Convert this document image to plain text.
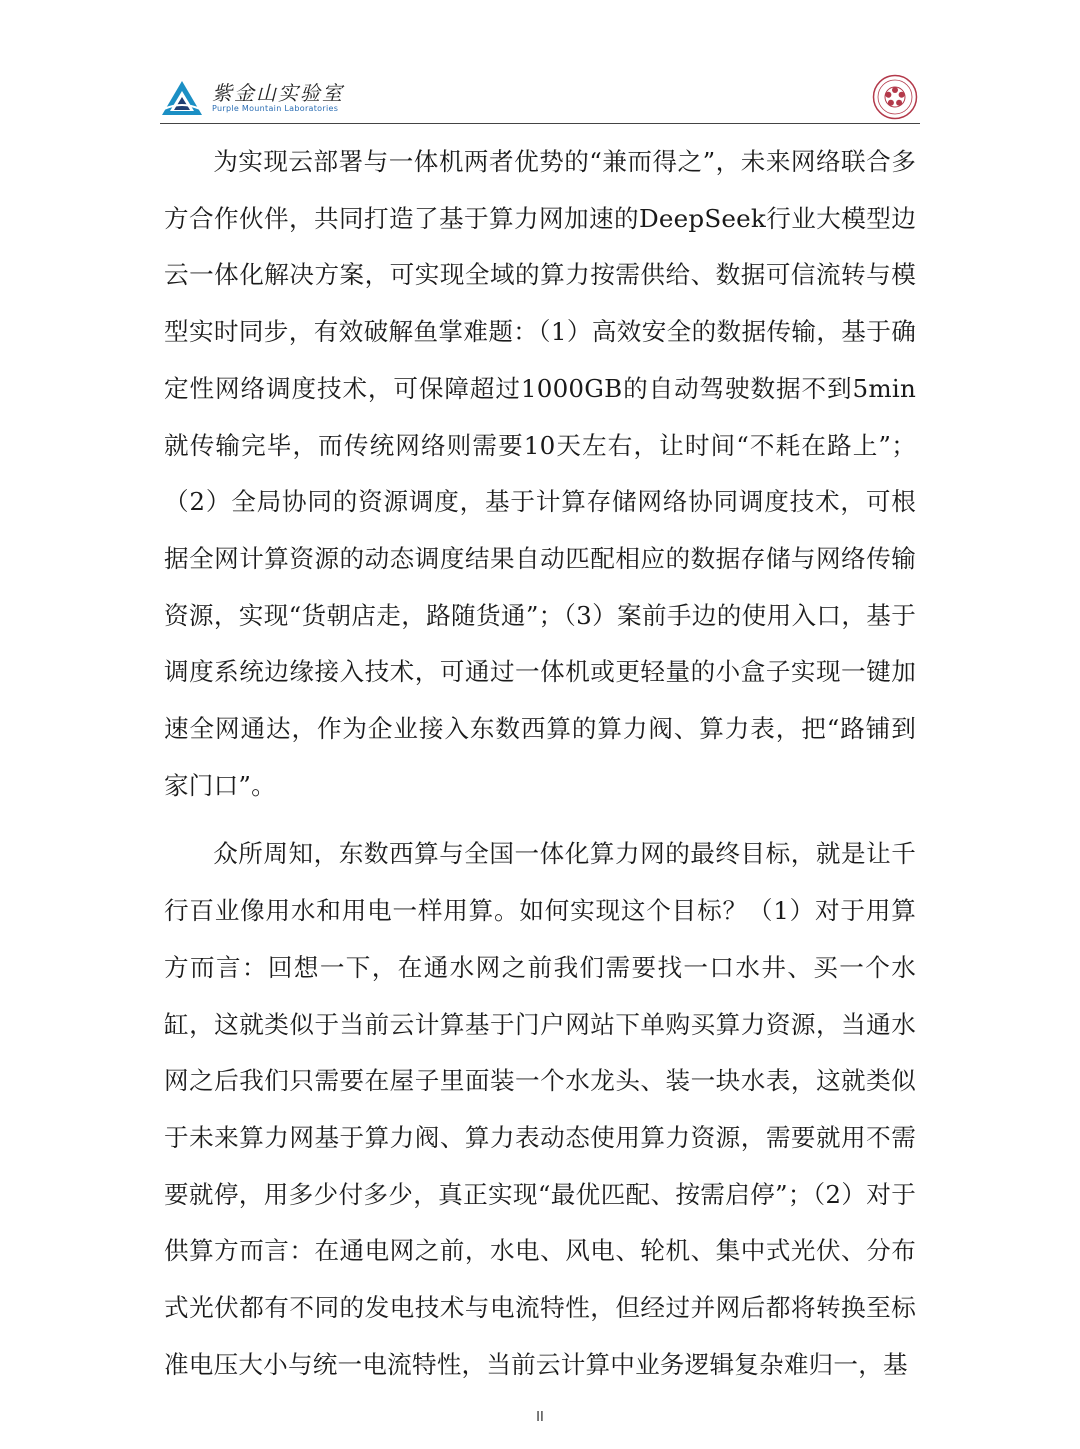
紫金山实验室
Purple Mountain Laboratories

为实现云部署与一体机两者优势的“兼而得之”，未来网络联合多方合作伙伴，共同打造了基于算力网加速的DeepSeek行业大模型边云一体化解决方案，可实现全域的算力按需供给、数据可信流转与模型实时同步，有效破解鱼掌难题：（1）高效安全的数据传输，基于确定性网络调度技术，可保障超过1000GB的自动驾驶数据不到5min就传输完毕，而传统网络则需要10天左右，让时间“不耗在路上”；（2）全局协同的资源调度，基于计算存储网络协同调度技术，可根据全网计算资源的动态调度结果自动匹配相应的数据存储与网络传输资源，实现“货朝店走，路随货通”；（3）案前手边的使用入口，基于调度系统边缘接入技术，可通过一体机或更轻量的小盒子实现一键加速全网通达，作为企业接入东数西算的算力阀、算力表，把“路铺到家门口”。

众所周知，东数西算与全国一体化算力网的最终目标，就是让千行百业像用水和用电一样用算。如何实现这个目标？（1）对于用算方而言：回想一下，在通水网之前我们需要找一口水井、买一个水缸，这就类似于当前云计算基于门户网站下单购买算力资源，当通水网之后我们只需要在屋子里面装一个水龙头、装一块水表，这就类似于未来算力网基于算力阀、算力表动态使用算力资源，需要就用不需要就停，用多少付多少，真正实现“最优匹配、按需启停”；（2）对于供算方而言：在通电网之前，水电、风电、轮机、集中式光伏、分布式光伏都有不同的发电技术与电流特性，但经过并网后都将转换至标准电压大小与统一电流特性，当前云计算中业务逻辑复杂难归一，基

II
